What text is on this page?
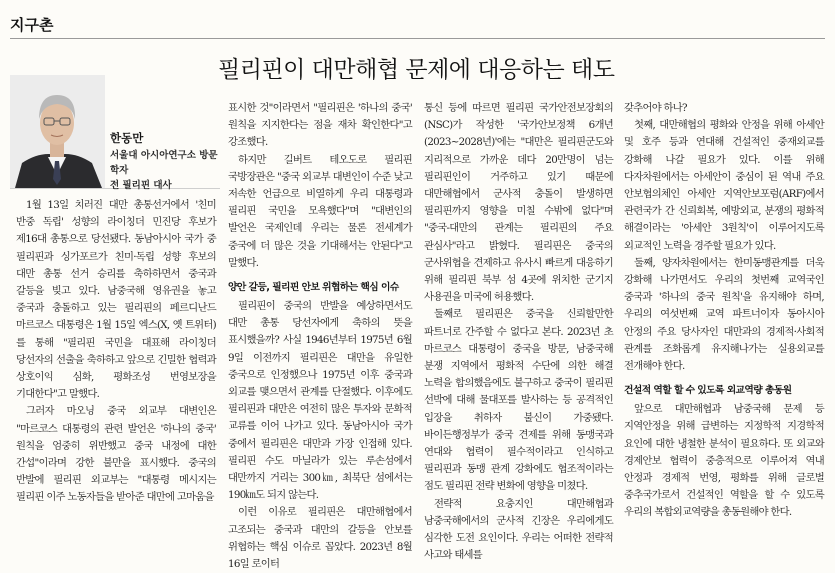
지구촌
필리핀이 대만해협 문제에 대응하는 태도
한동만
서울대 아시아연구소 방문학자
전 필리핀 대사

1월 13일 치러진 대만 총통선거에서 '친미 반중 독립' 성향의 라이칭더 민진당 후보가 제16대 총통으로 당선됐다. 동남아시아 국가 중 필리핀과 싱가포르가 친미·독립 성향 후보의 대만 총통 선거 승리를 축하하면서 중국과 갈등을 빚고 있다. 남중국해 영유권을 놓고 중국과 충돌하고 있는 필리핀의 페르디난드 마르코스 대통령은 1월 15일 엑스(X, 옛 트위터)를 통해 "필리핀 국민을 대표해 라이칭더 당선자의 선출을 축하하고 앞으로 긴밀한 협력과 상호이익 심화, 평화조성 번영보장을 기대한다"고 말했다.

그러자 마오닝 중국 외교부 대변인은 "마르코스 대통령의 관련 발언은 '하나의 중국' 원칙을 엄중히 위반했고 중국 내정에 대한 간섭"이라며 강한 불만을 표시했다. 중국의 반발에 필리핀 외교부는 "대통령 메시지는 필리핀 이주 노동자들을 받아준 대만에 고마움을

표시한 것"이라면서 "필리핀은 '하나의 중국' 원칙을 지지한다는 점을 재차 확인한다"고 강조했다.

하지만 길버트 테오도로 필리핀 국방장관은 "중국 외교부 대변인이 수준 낮고 저속한 언급으로 비열하게 우리 대통령과 필리핀 국민을 모욕했다"며 "대변인의 발언은 국제인데 우리는 물론 전세계가 중국에 더 많은 것을 기대해서는 안된다"고 말했다.

양안 갈등, 필리핀 안보 위협하는 핵심 이슈

필리핀이 중국의 반발을 예상하면서도 대만 총통 당선자에게 축하의 뜻을 표시했을까? 사실 1946년부터 1975년 6월 9일 이전까지 필리핀은 대만을 유일한 중국으로 인정했으나 1975년 이후 중국과 외교를 맺으면서 관계를 단절했다. 이후에도 필리핀과 대만은 여전히 많은 투자와 문화적 교류를 이어 나가고 있다. 동남아시아 국가 중에서 필리핀은 대만과 가장 인접해 있다. 필리핀 수도 마닐라가 있는 루손섬에서 대만까지 거리는 300㎞, 최북단 섬에서는 190㎞도 되지 않는다.

이런 이유로 필리핀은 대만해협에서 고조되는 중국과 대만의 갈등을 안보를 위협하는 핵심 이슈로 꼽았다. 2023년 8월 16일 로이터

통신 등에 따르면 필리핀 국가안전보장회의(NSC)가 작성한 '국가안보정책 6개년(2023~2028년)'에는 "대만은 필리핀군도와 지리적으로 가까운 데다 20만명이 넘는 필리핀인이 거주하고 있기 때문에 대만해협에서 군사적 충돌이 발생하면 필리핀까지 영향을 미칠 수밖에 없다"며 "중국-대만의 관계는 필리핀의 주요 관심사"라고 밝혔다. 필리핀은 중국의 군사위협을 견제하고 유사시 빠르게 대응하기 위해 필리핀 북부 섬 4곳에 위치한 군기지 사용권을 미국에 허용했다.

둘째로 필리핀은 중국을 신뢰할만한 파트너로 간주할 수 없다고 본다. 2023년 초 마르코스 대통령이 중국을 방문, 남중국해 분쟁 지역에서 평화적 수단에 의한 해결 노력을 합의했음에도 불구하고 중국이 필리핀 선박에 대해 물대포를 발사하는 등 공격적인 입장을 취하자 불신이 가중됐다. 바이든행정부가 중국 견제를 위해 동맹국과 연대와 협력이 필수적이라고 인식하고 필리핀과 동맹 관계 강화에도 협조적이라는 점도 필리핀 전략 변화에 영향을 미쳤다.

전략적 요충지인 대만해협과 남중국해에서의 군사적 긴장은 우리에게도 심각한 도전 요인이다. 우리는 어떠한 전략적 사고와 태세를

갖추어야 하나?

첫째, 대만해협의 평화와 안정을 위해 아세안 및 호주 등과 연대해 건설적인 중재외교를 강화해 나갈 필요가 있다. 이를 위해 다자차원에서는 아세안이 중심이 된 역내 주요 안보협의체인 아세안 지역안보포럼(ARF)에서 관련국가 간 신뢰회복, 예방외교, 분쟁의 평화적 해결이라는 '아세안 3원칙'이 이루어지도록 외교적인 노력을 경주할 필요가 있다.

둘째, 양자차원에서는 한미동맹관계를 더욱 강화해 나가면서도 우리의 첫번째 교역국인 중국과 '하나의 중국 원칙'을 유지해야 하며, 우리의 여섯번째 교역 파트너이자 동아시아 안정의 주요 당사자인 대만과의 경제적·사회적 관계를 조화롭게 유지해나가는 실용외교를 전개해야 한다.

건설적 역할 할 수 있도록 외교역량 총동원

앞으로 대만해협과 남중국해 문제 등 지역안정을 위해 급변하는 지정학적 지경학적 요인에 대한 냉철한 분석이 필요하다. 또 외교와 경제안보 협력이 중층적으로 이루어져 역내 안정과 경제적 번영, 평화를 위해 글로벌 중추국가로서 건설적인 역할을 할 수 있도록 우리의 복합외교역량을 총동원해야 한다.
